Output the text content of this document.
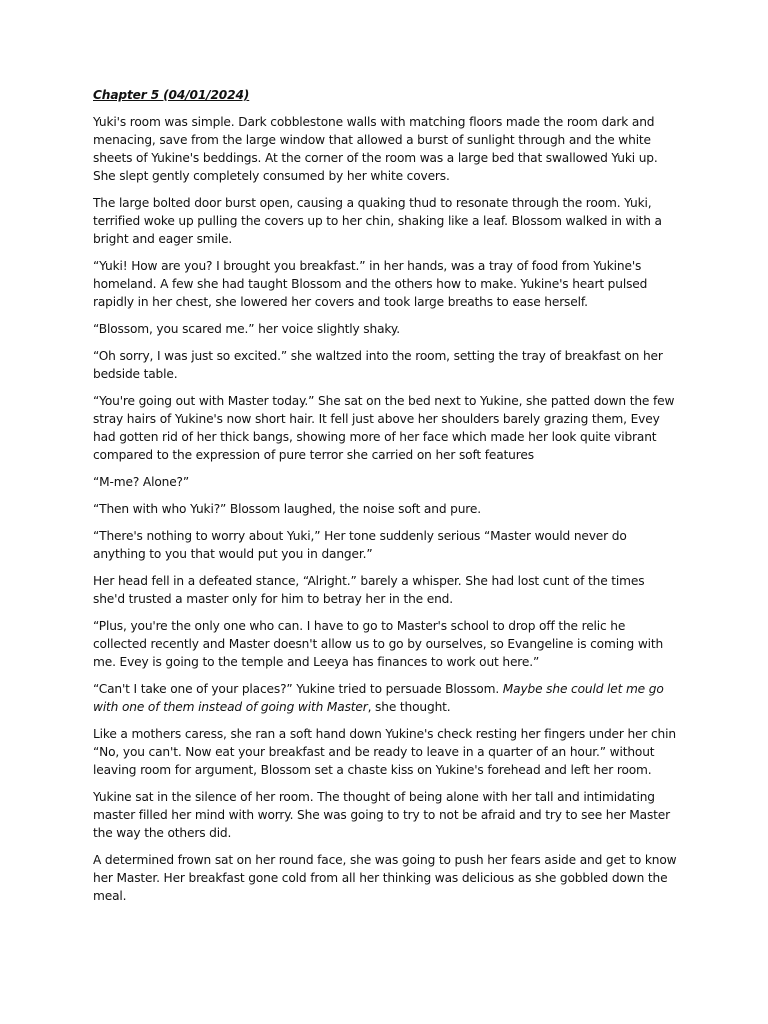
Chapter 5 (04/01/2024)

Yuki's room was simple. Dark cobblestone walls with matching floors made the room dark and menacing, save from the large window that allowed a burst of sunlight through and the white sheets of Yukine's beddings. At the corner of the room was a large bed that swallowed Yuki up. She slept gently completely consumed by her white covers.

The large bolted door burst open, causing a quaking thud to resonate through the room. Yuki, terrified woke up pulling the covers up to her chin, shaking like a leaf. Blossom walked in with a bright and eager smile.

“Yuki! How are you? I brought you breakfast.” in her hands, was a tray of food from Yukine's homeland. A few she had taught Blossom and the others how to make. Yukine's heart pulsed rapidly in her chest, she lowered her covers and took large breaths to ease herself.

“Blossom, you scared me.” her voice slightly shaky.

“Oh sorry, I was just so excited.” she waltzed into the room, setting the tray of breakfast on her bedside table.

“You're going out with Master today.” She sat on the bed next to Yukine, she patted down the few stray hairs of Yukine's now short hair. It fell just above her shoulders barely grazing them, Evey had gotten rid of her thick bangs, showing more of her face which made her look quite vibrant compared to the expression of pure terror she carried on her soft features

“M-me? Alone?”

“Then with who Yuki?” Blossom laughed, the noise soft and pure.

“There's nothing to worry about Yuki,” Her tone suddenly serious “Master would never do anything to you that would put you in danger.”

Her head fell in a defeated stance, “Alright.” barely a whisper. She had lost cunt of the times she'd trusted a master only for him to betray her in the end.

“Plus, you're the only one who can. I have to go to Master's school to drop off the relic he collected recently and Master doesn't allow us to go by ourselves, so Evangeline is coming with me. Evey is going to the temple and Leeya has finances to work out here.”

“Can't I take one of your places?” Yukine tried to persuade Blossom. Maybe she could let me go with one of them instead of going with Master, she thought.

Like a mothers caress, she ran a soft hand down Yukine's check resting her fingers under her chin “No, you can't. Now eat your breakfast and be ready to leave in a quarter of an hour.” without leaving room for argument, Blossom set a chaste kiss on Yukine's forehead and left her room.

Yukine sat in the silence of her room. The thought of being alone with her tall and intimidating master filled her mind with worry. She was going to try to not be afraid and try to see her Master the way the others did.

A determined frown sat on her round face, she was going to push her fears aside and get to know her Master. Her breakfast gone cold from all her thinking was delicious as she gobbled down the meal.
